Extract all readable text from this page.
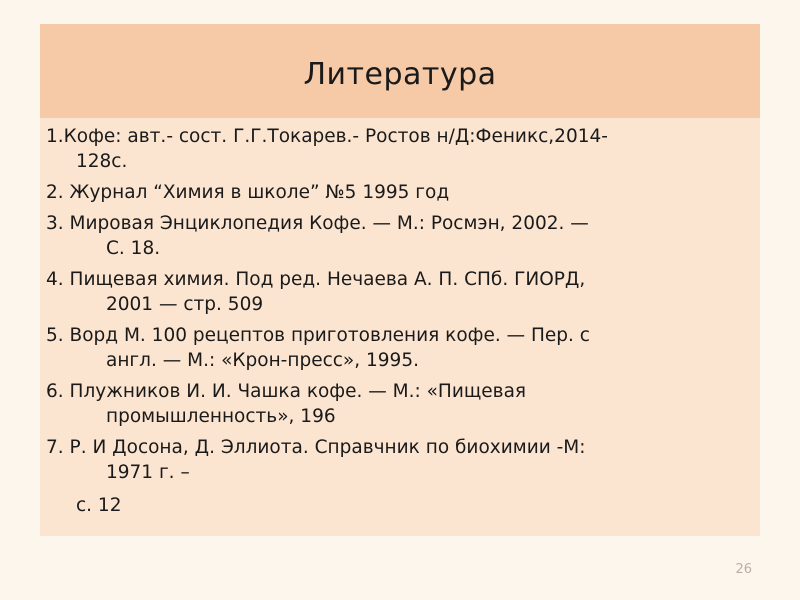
Литература
1.Кофе: авт.- сост. Г.Г.Токарев.- Ростов н/Д:Феникс,2014-
128с.
2. Журнал “Химия в школе” №5 1995 год
3. Мировая Энциклопедия Кофе. — М.: Росмэн, 2002. —
С. 18.
4. Пищевая химия. Под ред. Нечаева А. П. СПб. ГИОРД,
2001 — стр. 509
5. Ворд М. 100 рецептов приготовления кофе. — Пер. с
англ. — М.: «Крон-пресс», 1995.
6. Плужников И. И. Чашка кофе. — М.: «Пищевая
промышленность», 196
7. Р. И Досона, Д. Эллиота. Справчник по биохимии -М:
1971 г. –
с. 12
26
